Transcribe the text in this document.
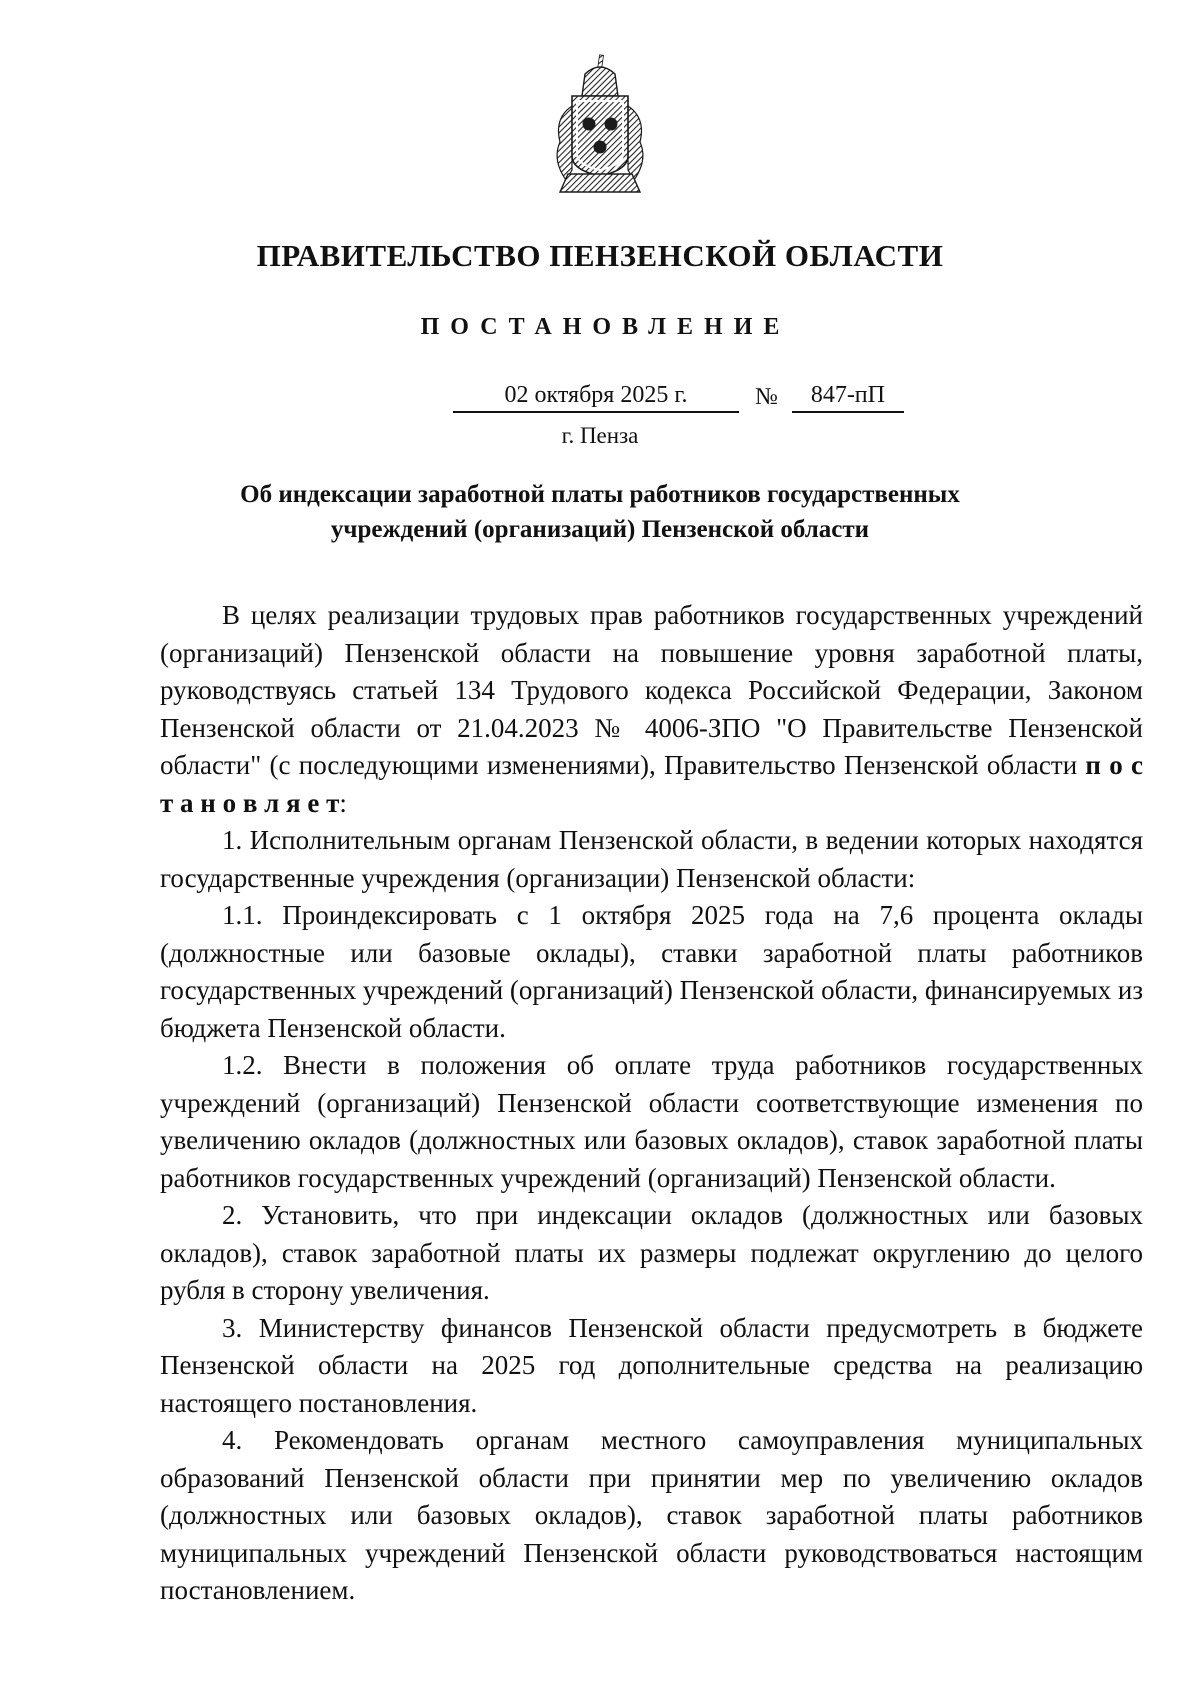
ПРАВИТЕЛЬСТВО ПЕНЗЕНСКОЙ ОБЛАСТИ
ПОСТАНОВЛЕНИЕ
02 октября 2025 г.	№	847-пП
г. Пенза
Об индексации заработной платы работников государственных
учреждений (организаций) Пензенской области

В целях реализации трудовых прав работников государственных учреждений (организаций) Пензенской области на повышение уровня заработной платы, руководствуясь статьей 134 Трудового кодекса Российской Федерации, Законом Пензенской области от 21.04.2023 № 4006-ЗПО "О Правительстве Пензенской области" (с последующими изменениями), Правительство Пензенской области п о с т а н о в л я е т:

1. Исполнительным органам Пензенской области, в ведении которых находятся государственные учреждения (организации) Пензенской области:

1.1. Проиндексировать с 1 октября 2025 года на 7,6 процента оклады (должностные или базовые оклады), ставки заработной платы работников государственных учреждений (организаций) Пензенской области, финансируемых из бюджета Пензенской области.

1.2. Внести в положения об оплате труда работников государственных учреждений (организаций) Пензенской области соответствующие изменения по увеличению окладов (должностных или базовых окладов), ставок заработной платы работников государственных учреждений (организаций) Пензенской области.

2. Установить, что при индексации окладов (должностных или базовых окладов), ставок заработной платы их размеры подлежат округлению до целого рубля в сторону увеличения.

3. Министерству финансов Пензенской области предусмотреть в бюджете Пензенской области на 2025 год дополнительные средства на реализацию настоящего постановления.

4. Рекомендовать органам местного самоуправления муниципальных образований Пензенской области при принятии мер по увеличению окладов (должностных или базовых окладов), ставок заработной платы работников муниципальных учреждений Пензенской области руководствоваться настоящим постановлением.
